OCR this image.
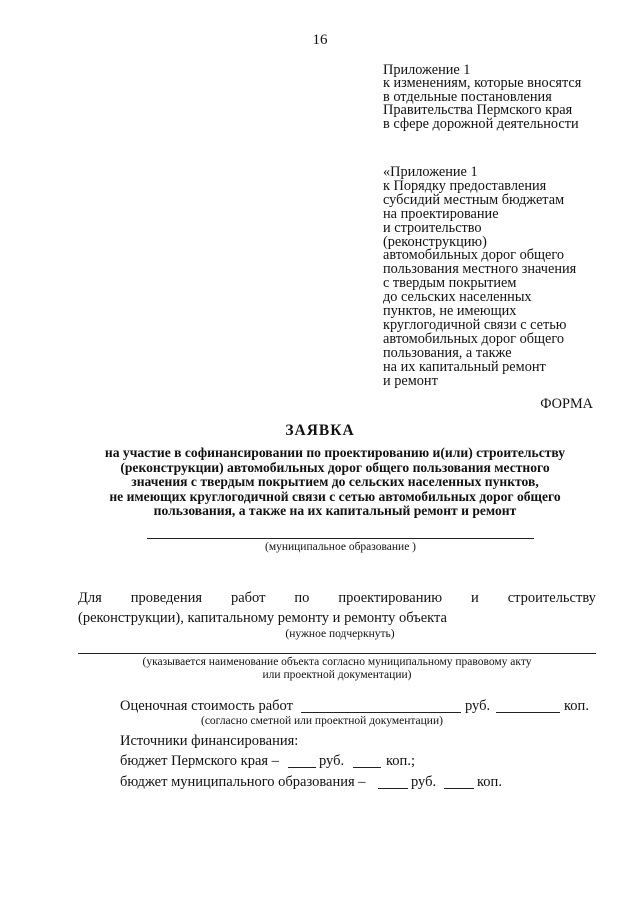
16
Приложение 1
к изменениям, которые вносятся
в отдельные постановления
Правительства Пермского края
в сфере дорожной деятельности
«Приложение 1
к Порядку предоставления
субсидий местным бюджетам
на проектирование
и строительство
(реконструкцию)
автомобильных дорог общего
пользования местного значения
с твердым покрытием
до сельских населенных
пунктов, не имеющих
круглогодичной связи с сетью
автомобильных дорог общего
пользования, а также
на их капитальный ремонт
и ремонт
ФОРМА
ЗАЯВКА
на участие в софинансировании по проектированию и(или) строительству
(реконструкции) автомобильных дорог общего пользования местного
значения с твердым покрытием до сельских населенных пунктов,
не имеющих круглогодичной связи с сетью автомобильных дорог общего
пользования, а также на их капитальный ремонт и ремонт
(муниципальное образование )
Для проведения работ по проектированию и строительству
(реконструкции), капитальному ремонту и ремонту объекта
(нужное подчеркнуть)
(указывается наименование объекта согласно муниципальному правовому акту
или проектной документации)
Оценочная стоимость работ	руб.	коп.
(согласно сметной или проектной документации)
Источники финансирования:
бюджет Пермского края –	руб.	коп.;
бюджет муниципального образования –	руб.	коп.
